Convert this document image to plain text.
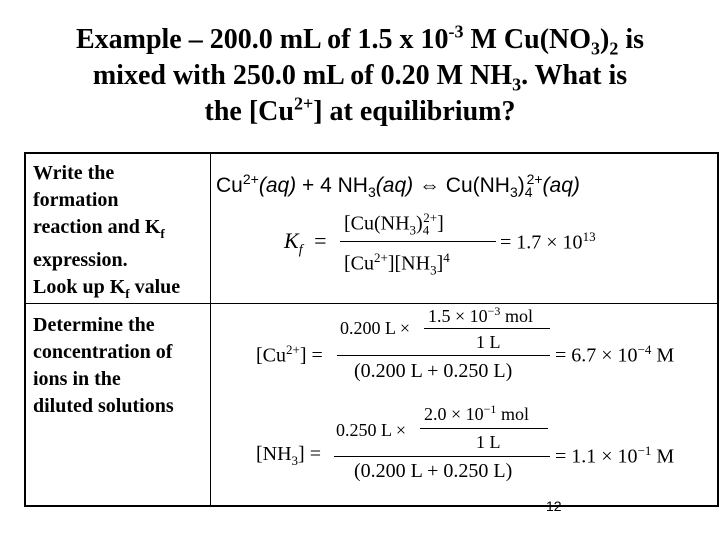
Example – 200.0 mL of 1.5 x $10^{-3}$ M $Cu(NO_3)_2$ is
mixed with 250.0 mL of 0.20 M $NH_3$. What is
the $[Cu^{2+}]$ at equilibrium?
Write the
formation
reaction and $K_f$
expression.
Look up $K_f$ value
Determine the
concentration of
ions in the
diluted solutions
$Cu^{2+}(aq) + 4$ $NH_3(aq)$ ⇔ $Cu(NH_3)_4^{2+}(aq)$
$K_f$ =
$[Cu(NH_3)_4^{2+}]$
$[Cu^{2+}][NH_3]^4$
= $1.7 \times 10^{13}$
$1.5 \times 10^{-3}$ mol
0.200 L ×
1 L
$[Cu^{2+}]$ =
(0.200 L + 0.250 L)
= $6.7 \times 10^{-4}$ M
$2.0 \times 10^{-1}$ mol
0.250 L ×
1 L
$[NH_3]$ =
(0.200 L + 0.250 L)
= $1.1 \times 10^{-1}$ M
12
